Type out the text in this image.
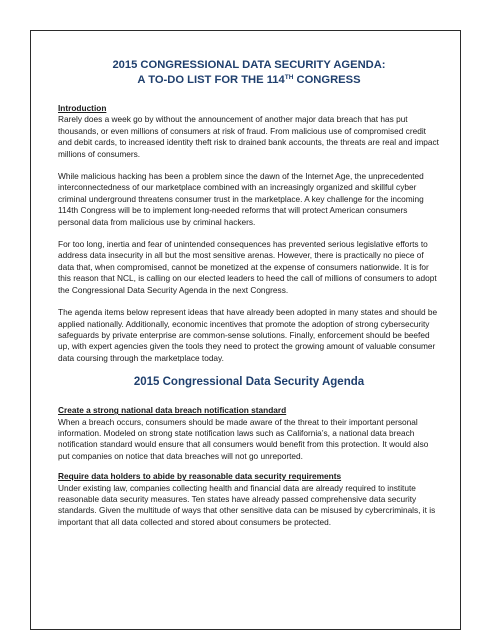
2015 CONGRESSIONAL DATA SECURITY AGENDA:
A TO-DO LIST FOR THE 114TH CONGRESS
Introduction

Rarely does a week go by without the announcement of another major data breach that has put thousands, or even millions of consumers at risk of fraud. From malicious use of compromised credit and debit cards, to increased identity theft risk to drained bank accounts, the threats are real and impact millions of consumers.

While malicious hacking has been a problem since the dawn of the Internet Age, the unprecedented interconnectedness of our marketplace combined with an increasingly organized and skillful cyber criminal underground threatens consumer trust in the marketplace. A key challenge for the incoming 114th Congress will be to implement long-needed reforms that will protect American consumers personal data from malicious use by criminal hackers.

For too long, inertia and fear of unintended consequences has prevented serious legislative efforts to address data insecurity in all but the most sensitive arenas. However, there is practically no piece of data that, when compromised, cannot be monetized at the expense of consumers nationwide. It is for this reason that NCL, is calling on our elected leaders to heed the call of millions of consumers to adopt the Congressional Data Security Agenda in the next Congress.

The agenda items below represent ideas that have already been adopted in many states and should be applied nationally. Additionally, economic incentives that promote the adoption of strong cybersecurity safeguards by private enterprise are common-sense solutions. Finally, enforcement should be beefed up, with expert agencies given the tools they need to protect the growing amount of valuable consumer data coursing through the marketplace today.

2015 Congressional Data Security Agenda
Create a strong national data breach notification standard

When a breach occurs, consumers should be made aware of the threat to their important personal information. Modeled on strong state notification laws such as California’s, a national data breach notification standard would ensure that all consumers would benefit from this protection. It would also put companies on notice that data breaches will not go unreported.

Require data holders to abide by reasonable data security requirements

Under existing law, companies collecting health and financial data are already required to institute reasonable data security measures. Ten states have already passed comprehensive data security standards. Given the multitude of ways that other sensitive data can be misused by cybercriminals, it is important that all data collected and stored about consumers be protected.
